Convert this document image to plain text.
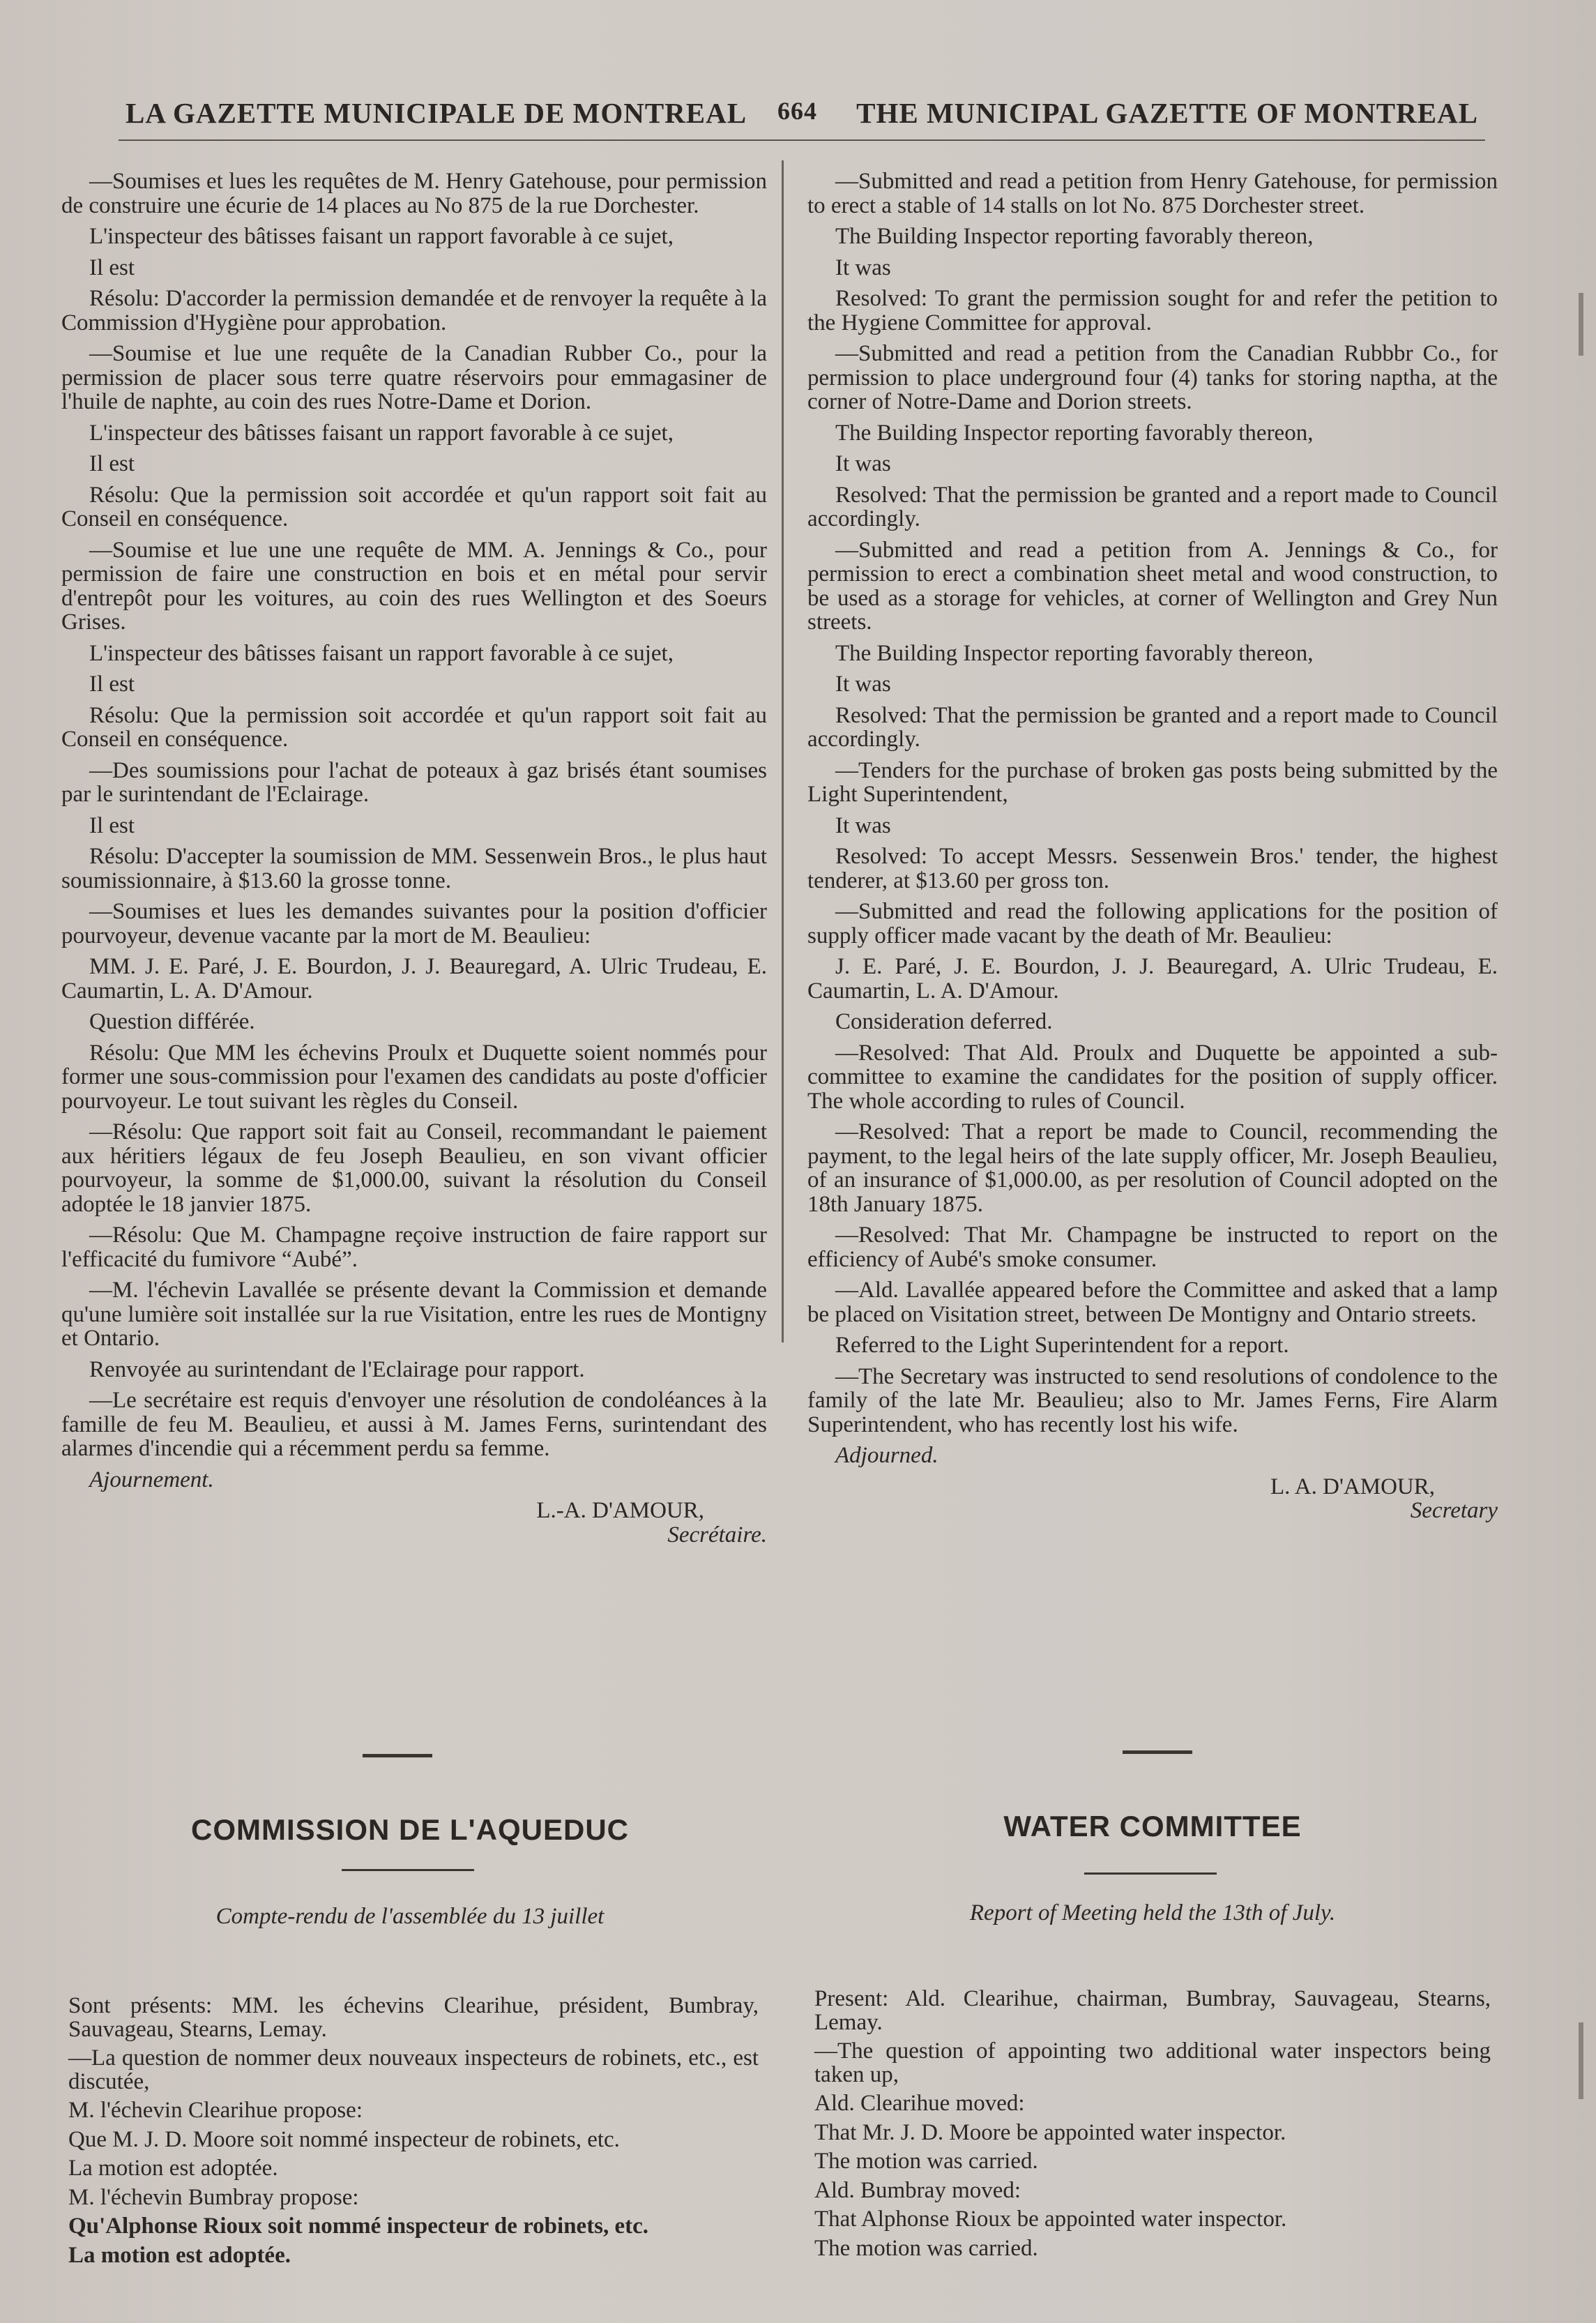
LA GAZETTE MUNICIPALE DE MONTREAL 664 THE MUNICIPAL GAZETTE OF MONTREAL

—Soumises et lues les requêtes de M. Henry Gatehouse, pour permission de construire une écurie de 14 places au No 875 de la rue Dorchester.

L'inspecteur des bâtisses faisant un rapport favorable à ce sujet,

Il est

Résolu: D'accorder la permission demandée et de renvoyer la requête à la Commission d'Hygiène pour approbation.

—Soumise et lue une requête de la Canadian Rubber Co., pour la permission de placer sous terre quatre réservoirs pour emmagasiner de l'huile de naphte, au coin des rues Notre-Dame et Dorion.

L'inspecteur des bâtisses faisant un rapport favorable à ce sujet,

Il est

Résolu: Que la permission soit accordée et qu'un rapport soit fait au Conseil en conséquence.

—Soumise et lue une une requête de MM. A. Jennings & Co., pour permission de faire une construction en bois et en métal pour servir d'entrepôt pour les voitures, au coin des rues Wellington et des Soeurs Grises.

L'inspecteur des bâtisses faisant un rapport favorable à ce sujet,

Il est

Résolu: Que la permission soit accordée et qu'un rapport soit fait au Conseil en conséquence.

—Des soumissions pour l'achat de poteaux à gaz brisés étant soumises par le surintendant de l'Eclairage.

Il est

Résolu: D'accepter la soumission de MM. Sessenwein Bros., le plus haut soumissionnaire, à $13.60 la grosse tonne.

—Soumises et lues les demandes suivantes pour la position d'officier pourvoyeur, devenue vacante par la mort de M. Beaulieu:

MM. J. E. Paré, J. E. Bourdon, J. J. Beauregard, A. Ulric Trudeau, E. Caumartin, L. A. D'Amour.

Question différée.

Résolu: Que MM les échevins Proulx et Duquette soient nommés pour former une sous-commission pour l'examen des candidats au poste d'officier pourvoyeur. Le tout suivant les règles du Conseil.

—Résolu: Que rapport soit fait au Conseil, recommandant le paiement aux héritiers légaux de feu Joseph Beaulieu, en son vivant officier pourvoyeur, la somme de $1,000.00, suivant la résolution du Conseil adoptée le 18 janvier 1875.

—Résolu: Que M. Champagne reçoive instruction de faire rapport sur l'efficacité du fumivore “Aubé”.

—M. l'échevin Lavallée se présente devant la Commission et demande qu'une lumière soit installée sur la rue Visitation, entre les rues de Montigny et Ontario.

Renvoyée au surintendant de l'Eclairage pour rapport.

—Le secrétaire est requis d'envoyer une résolution de condoléances à la famille de feu M. Beaulieu, et aussi à M. James Ferns, surintendant des alarmes d'incendie qui a récemment perdu sa femme.

Ajournement.

L.-A. D'AMOUR,
Secrétaire.

—Submitted and read a petition from Henry Gatehouse, for permission to erect a stable of 14 stalls on lot No. 875 Dorchester street.

The Building Inspector reporting favorably thereon,

It was

Resolved: To grant the permission sought for and refer the petition to the Hygiene Committee for approval.

—Submitted and read a petition from the Canadian Rubbbr Co., for permission to place underground four (4) tanks for storing naptha, at the corner of Notre-Dame and Dorion streets.

The Building Inspector reporting favorably thereon,

It was

Resolved: That the permission be granted and a report made to Council accordingly.

—Submitted and read a petition from A. Jennings & Co., for permission to erect a combination sheet metal and wood construction, to be used as a storage for vehicles, at corner of Wellington and Grey Nun streets.

The Building Inspector reporting favorably thereon,

It was

Resolved: That the permission be granted and a report made to Council accordingly.

—Tenders for the purchase of broken gas posts being submitted by the Light Superintendent,

It was

Resolved: To accept Messrs. Sessenwein Bros.' tender, the highest tenderer, at $13.60 per gross ton.

—Submitted and read the following applications for the position of supply officer made vacant by the death of Mr. Beaulieu:

J. E. Paré, J. E. Bourdon, J. J. Beauregard, A. Ulric Trudeau, E. Caumartin, L. A. D'Amour.

Consideration deferred.

—Resolved: That Ald. Proulx and Duquette be appointed a sub-committee to examine the candidates for the position of supply officer. The whole according to rules of Council.

—Resolved: That a report be made to Council, recommending the payment, to the legal heirs of the late supply officer, Mr. Joseph Beaulieu, of an insurance of $1,000.00, as per resolution of Council adopted on the 18th January 1875.

—Resolved: That Mr. Champagne be instructed to report on the efficiency of Aubé's smoke consumer.

—Ald. Lavallée appeared before the Committee and asked that a lamp be placed on Visitation street, between De Montigny and Ontario streets.

Referred to the Light Superintendent for a report.

—The Secretary was instructed to send resolutions of condolence to the family of the late Mr. Beaulieu; also to Mr. James Ferns, Fire Alarm Superintendent, who has recently lost his wife.

Adjourned.

L. A. D'AMOUR,
Secretary
COMMISSION DE L'AQUEDUC
Compte-rendu de l'assemblée du 13 juillet
WATER COMMITTEE
Report of Meeting held the 13th of July.

Sont présents: MM. les échevins Clearihue, président, Bumbray, Sauvageau, Stearns, Lemay.

—La question de nommer deux nouveaux inspecteurs de robinets, etc., est discutée,

M. l'échevin Clearihue propose:

Que M. J. D. Moore soit nommé inspecteur de robinets, etc.

La motion est adoptée.

M. l'échevin Bumbray propose:

Qu'Alphonse Rioux soit nommé inspecteur de robinets, etc.

La motion est adoptée.

Present: Ald. Clearihue, chairman, Bumbray, Sauvageau, Stearns, Lemay.

—The question of appointing two additional water inspectors being taken up,

Ald. Clearihue moved:

That Mr. J. D. Moore be appointed water inspector.

The motion was carried.

Ald. Bumbray moved:

That Alphonse Rioux be appointed water inspector.

The motion was carried.
